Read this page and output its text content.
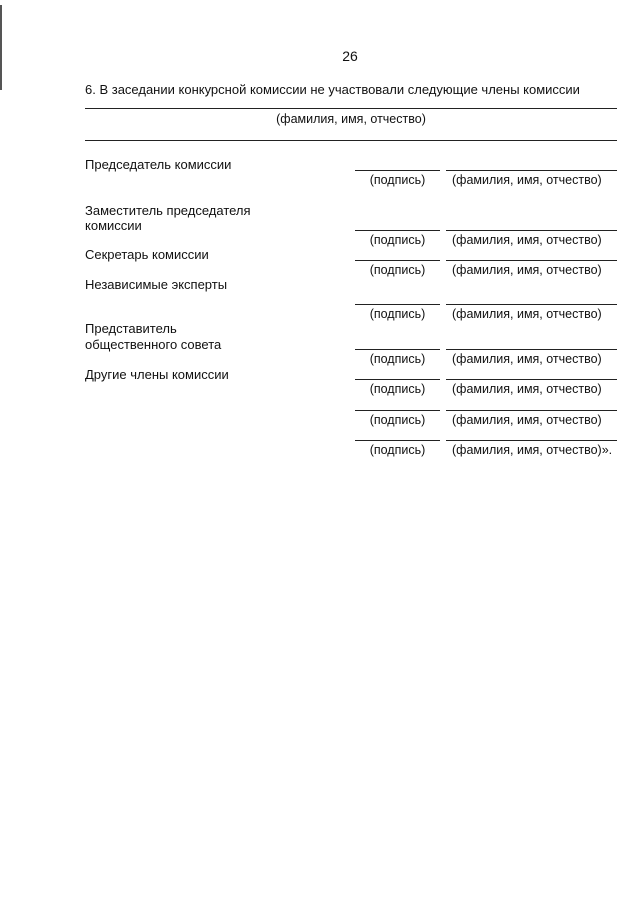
26
6. В заседании конкурсной комиссии не участвовали следующие члены комиссии
(фамилия, имя, отчество)
Председатель комиссии
(подпись)	(фамилия, имя, отчество)
Заместитель председателя
комиссии
(подпись)	(фамилия, имя, отчество)
Секретарь комиссии
(подпись)	(фамилия, имя, отчество)
Независимые эксперты
(подпись)	(фамилия, имя, отчество)
Представитель
общественного совета
(подпись)	(фамилия, имя, отчество)
Другие члены комиссии
(подпись)	(фамилия, имя, отчество)
(подпись)	(фамилия, имя, отчество)
(подпись)	(фамилия, имя, отчество)».
